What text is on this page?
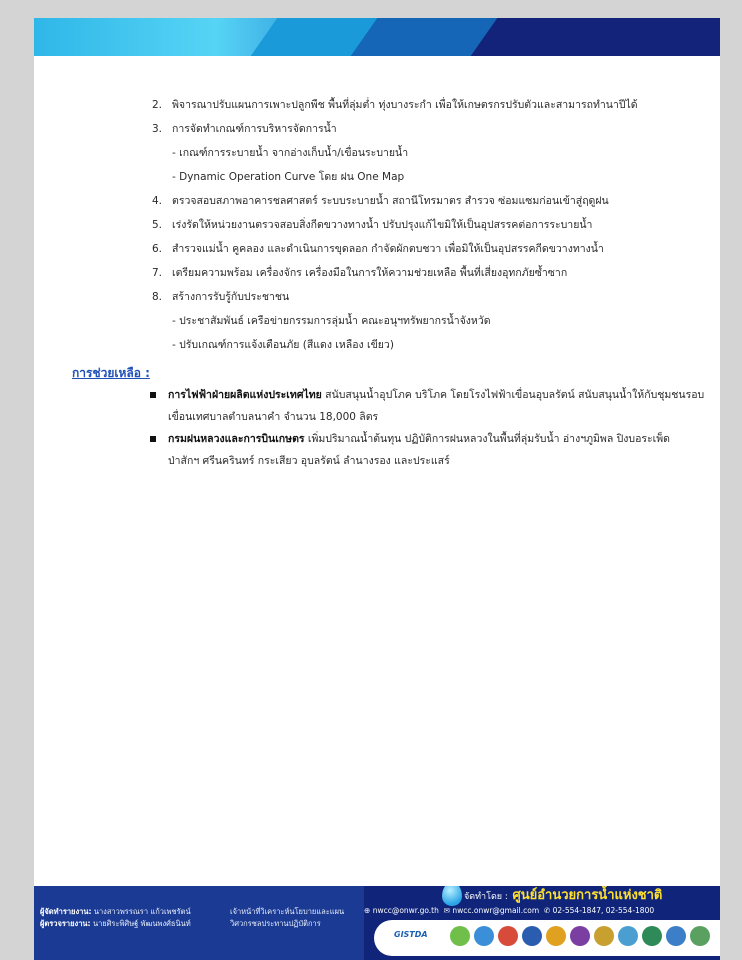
2. พิจารณาปรับแผนการเพาะปลูกพืช พื้นที่ลุ่มต่ำ ทุ่งบางระกำ เพื่อให้เกษตรกรปรับตัวและสามารถทำนาปีได้
3. การจัดทำเกณฑ์การบริหารจัดการน้ำ
- เกณฑ์การระบายน้ำ จากอ่างเก็บน้ำ/เขื่อนระบายน้ำ
- Dynamic Operation Curve โดย ฝน One Map
4. ตรวจสอบสภาพอาคารชลศาสตร์ ระบบระบายน้ำ สถานีโทรมาตร สำรวจ ซ่อมแซมก่อนเข้าสู่ฤดูฝน
5. เร่งรัดให้หน่วยงานตรวจสอบสิ่งกีดขวางทางน้ำ ปรับปรุงแก้ไขมิให้เป็นอุปสรรคต่อการระบายน้ำ
6. สำรวจแม่น้ำ คูคลอง และดำเนินการขุดลอก กำจัดผักตบชวา เพื่อมิให้เป็นอุปสรรคกีดขวางทางน้ำ
7. เตรียมความพร้อม เครื่องจักร เครื่องมือในการให้ความช่วยเหลือ พื้นที่เสี่ยงอุทกภัยซ้ำซาก
8. สร้างการรับรู้กับประชาชน
- ประชาสัมพันธ์ เครือข่ายกรรมการลุ่มน้ำ คณะอนุฯทรัพยากรน้ำจังหวัด
- ปรับเกณฑ์การแจ้งเตือนภัย (สีแดง เหลือง เขียว)
การช่วยเหลือ :
การไฟฟ้าฝ่ายผลิตแห่งประเทศไทย สนับสนุนน้ำอุปโภค บริโภค โดยโรงไฟฟ้าเขื่อนอุบลรัตน์ สนับสนุนน้ำให้กับชุมชนรอบ
เขื่อนเทศบาลตำบลนาคำ จำนวน 18,000 ลิตร
กรมฝนหลวงและการบินเกษตร เพิ่มปริมาณน้ำต้นทุน ปฏิบัติการฝนหลวงในพื้นที่ลุ่มรับน้ำ อ่างฯภูมิพล ปิงบอระเพ็ด
ป่าสักฯ ศรีนครินทร์ กระเสียว อุบลรัตน์ ลำนางรอง และประแสร์
ผู้จัดทำรายงาน: นางสาวพรรณรา แก้วเพชรัตน์	เจ้าหน้าที่วิเคราะห์นโยบายและแผน
ผู้ตรวจรายงาน: นายศิระพิศิษฐ์ พัฒนพงศ์ธนินท์	วิศวกรชลประทานปฏิบัติการ
จัดทำโดย : ศูนย์อำนวยการน้ำแห่งชาติ
⊕ nwcc@onwr.go.th ✉ nwcc.onwr@gmail.com ✆ 02-554-1847, 02-554-1800
GISTDA
